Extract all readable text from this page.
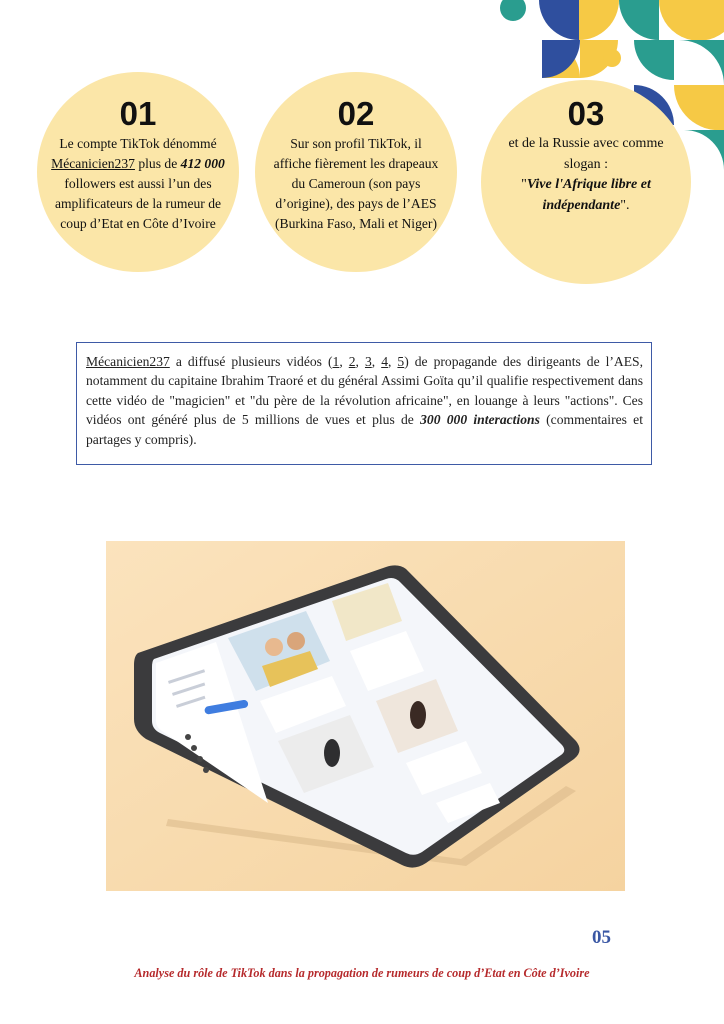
01
Le compte TikTok dénommé
Mécanicien237 plus de 412 000 followers est aussi l’un des amplificateurs de la rumeur de coup d’Etat en Côte d’Ivoire
02
Sur son profil TikTok, il affiche fièrement les drapeaux du Cameroun (son pays d’origine), des pays de l’AES (Burkina Faso, Mali et Niger)
03
et de la Russie avec comme slogan :
"Vive l'Afrique libre et indépendante".
Mécanicien237 a diffusé plusieurs vidéos (1, 2, 3, 4, 5) de propagande des dirigeants de l’AES, notamment du capitaine Ibrahim Traoré et du général Assimi Goïta qu’il qualifie respectivement dans cette vidéo de "magicien" et "du père de la révolution africaine", en louange à leurs "actions". Ces vidéos ont généré plus de 5 millions de vues et plus de 300 000 interactions (commentaires et partages y compris).
05
Analyse du rôle de TikTok dans la propagation de rumeurs de coup d’Etat en Côte d’Ivoire
